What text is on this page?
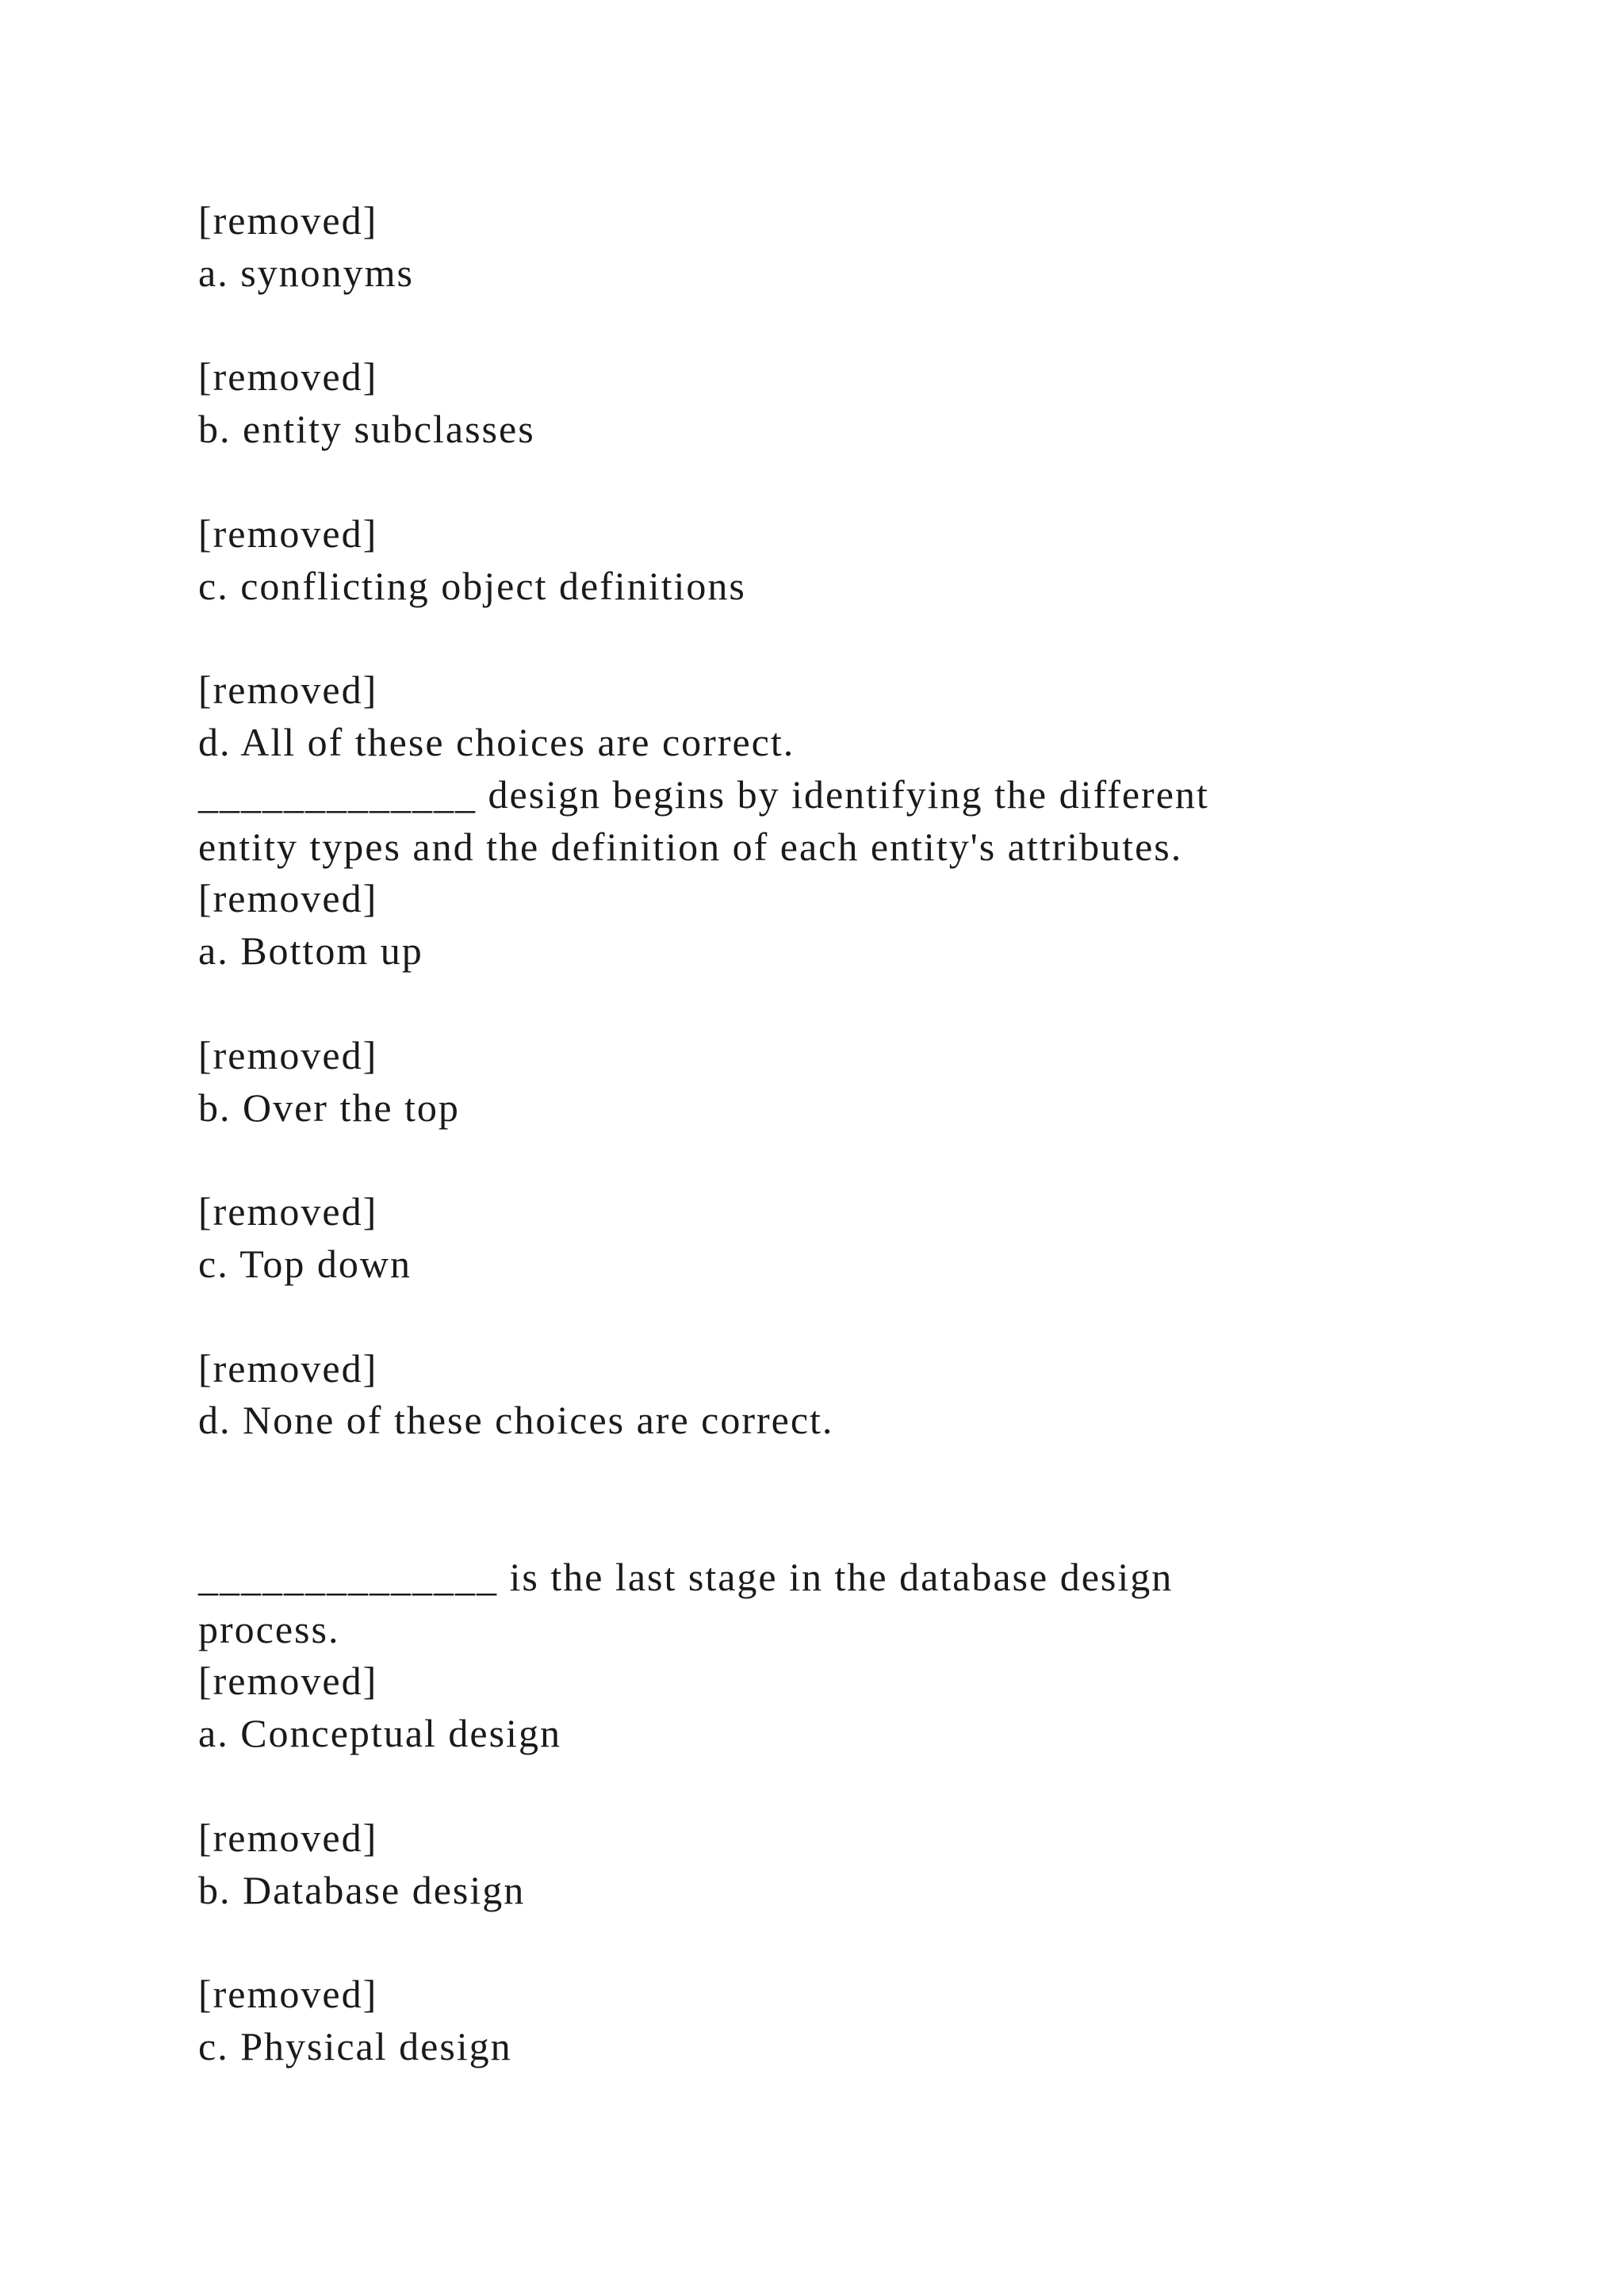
[removed]
a. synonyms
[removed]
b. entity subclasses
[removed]
c. conflicting object definitions
[removed]
d. All of these choices are correct.
_____________ design begins by identifying the different
entity types and the definition of each entity's attributes.
[removed]
a. Bottom up
[removed]
b. Over the top
[removed]
c. Top down
[removed]
d. None of these choices are correct.
______________ is the last stage in the database design
process.
[removed]
a. Conceptual design
[removed]
b. Database design
[removed]
c. Physical design
